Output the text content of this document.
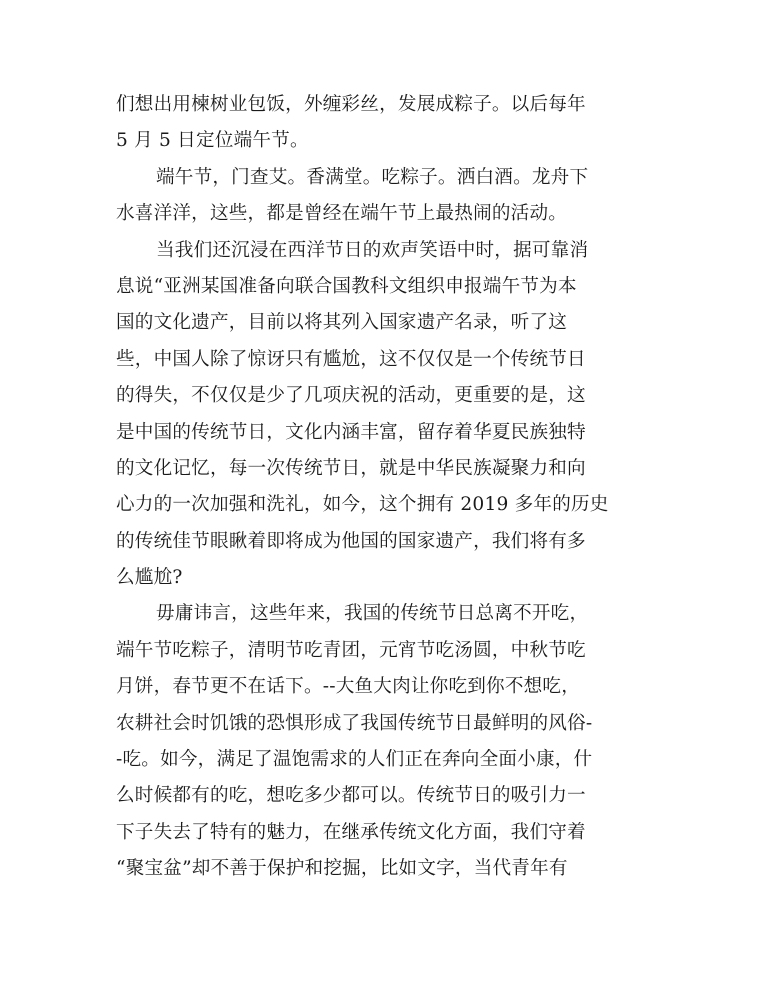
们想出用楝树业包饭，外缠彩丝，发展成粽子。以后每年
5 月 5 日定位端午节。
端午节，门查艾。香满堂。吃粽子。洒白酒。龙舟下
水喜洋洋，这些，都是曾经在端午节上最热闹的活动。
当我们还沉浸在西洋节日的欢声笑语中时，据可靠消
息说“亚洲某国准备向联合国教科文组织申报端午节为本
国的文化遗产，目前以将其列入国家遗产名录，听了这
些，中国人除了惊讶只有尴尬，这不仅仅是一个传统节日
的得失，不仅仅是少了几项庆祝的活动，更重要的是，这
是中国的传统节日，文化内涵丰富，留存着华夏民族独特
的文化记忆，每一次传统节日，就是中华民族凝聚力和向
心力的一次加强和洗礼，如今，这个拥有 2019 多年的历史
的传统佳节眼瞅着即将成为他国的国家遗产，我们将有多
么尴尬?
毋庸讳言，这些年来，我国的传统节日总离不开吃，
端午节吃粽子，清明节吃青团，元宵节吃汤圆，中秋节吃
月饼，春节更不在话下。--大鱼大肉让你吃到你不想吃，
农耕社会时饥饿的恐惧形成了我国传统节日最鲜明的风俗-
-吃。如今，满足了温饱需求的人们正在奔向全面小康，什
么时候都有的吃，想吃多少都可以。传统节日的吸引力一
下子失去了特有的魅力，在继承传统文化方面，我们守着
“聚宝盆”却不善于保护和挖掘，比如文字，当代青年有
